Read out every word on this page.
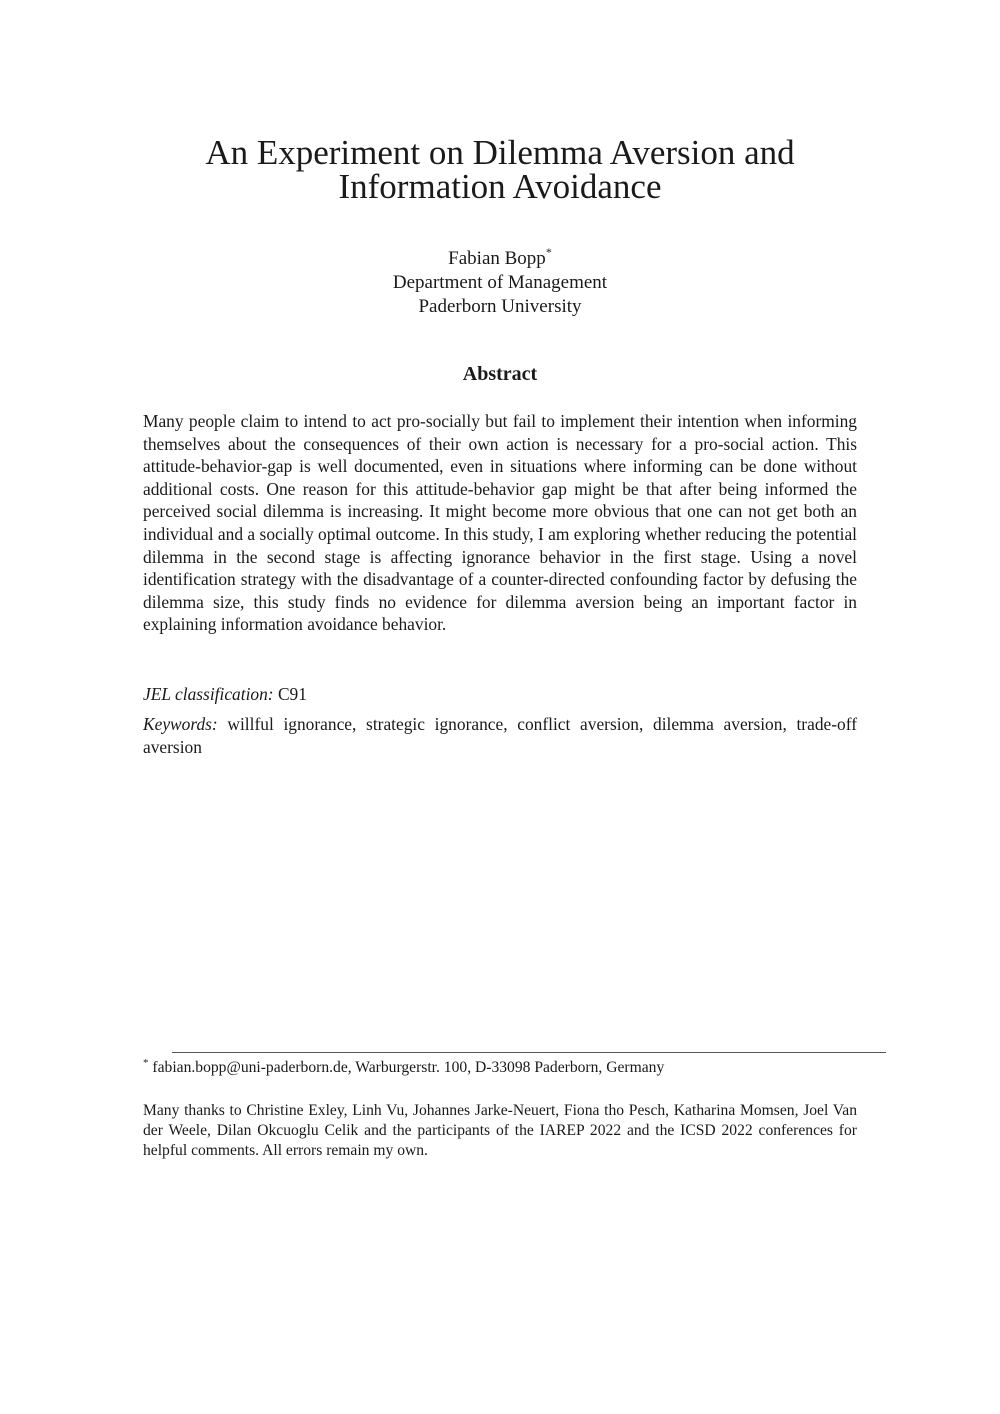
An Experiment on Dilemma Aversion and
Information Avoidance
Fabian Bopp*
Department of Management
Paderborn University
Abstract

Many people claim to intend to act pro-socially but fail to implement their intention when informing themselves about the consequences of their own action is necessary for a pro-social action. This attitude-behavior-gap is well documented, even in situations where informing can be done without additional costs. One reason for this attitude-behavior gap might be that after being informed the perceived social dilemma is increasing. It might become more obvious that one can not get both an individual and a socially optimal outcome. In this study, I am exploring whether reducing the potential dilemma in the second stage is affecting ignorance behavior in the first stage. Using a novel identification strategy with the disadvantage of a counter-directed confounding factor by defusing the dilemma size, this study finds no evidence for dilemma aversion being an important factor in explaining information avoidance behavior.

JEL classification: C91

Keywords: willful ignorance, strategic ignorance, conflict aversion, dilemma aversion, trade-off aversion

* fabian.bopp@uni-paderborn.de, Warburgerstr. 100, D-33098 Paderborn, Germany

Many thanks to Christine Exley, Linh Vu, Johannes Jarke-Neuert, Fiona tho Pesch, Katharina Momsen, Joel Van der Weele, Dilan Okcuoglu Celik and the participants of the IAREP 2022 and the ICSD 2022 conferences for helpful comments. All errors remain my own.
